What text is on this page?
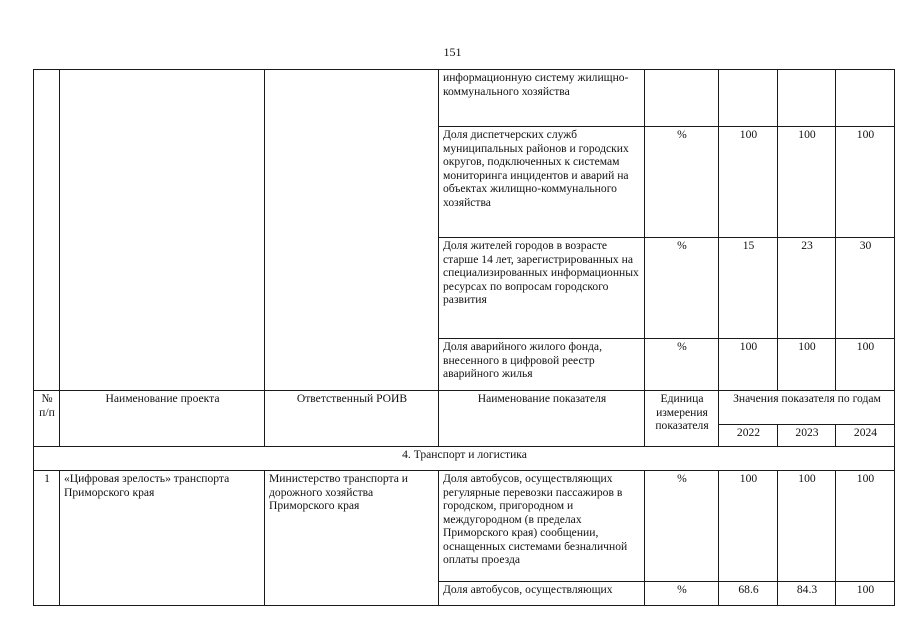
151
			информационную систему жилищно-коммунального хозяйства				
			Доля диспетчерских служб муниципальных районов и городских округов, подключенных к системам мониторинга инцидентов и аварий на объектах жилищно-коммунального хозяйства	%	100	100	100
			Доля жителей городов в возрасте старше 14 лет, зарегистрированных на специализированных информационных ресурсах по вопросам городского развития	%	15	23	30
			Доля аварийного жилого фонда, внесенного в цифровой реестр аварийного жилья	%	100	100	100
№ п/п	Наименование проекта	Ответственный РОИВ	Наименование показателя	Единица измерения показателя	Значения показателя по годам		
					2022	2023	2024
4. Транспорт и логистика							
1	«Цифровая зрелость» транспорта Приморского края	Министерство транспорта и дорожного хозяйства Приморского края	Доля автобусов, осуществляющих регулярные перевозки пассажиров в городском, пригородном и междугородном (в пределах Приморского края) сообщении, оснащенных системами безналичной оплаты проезда	%	100	100	100
			Доля автобусов, осуществляющих	%	68.6	84.3	100
